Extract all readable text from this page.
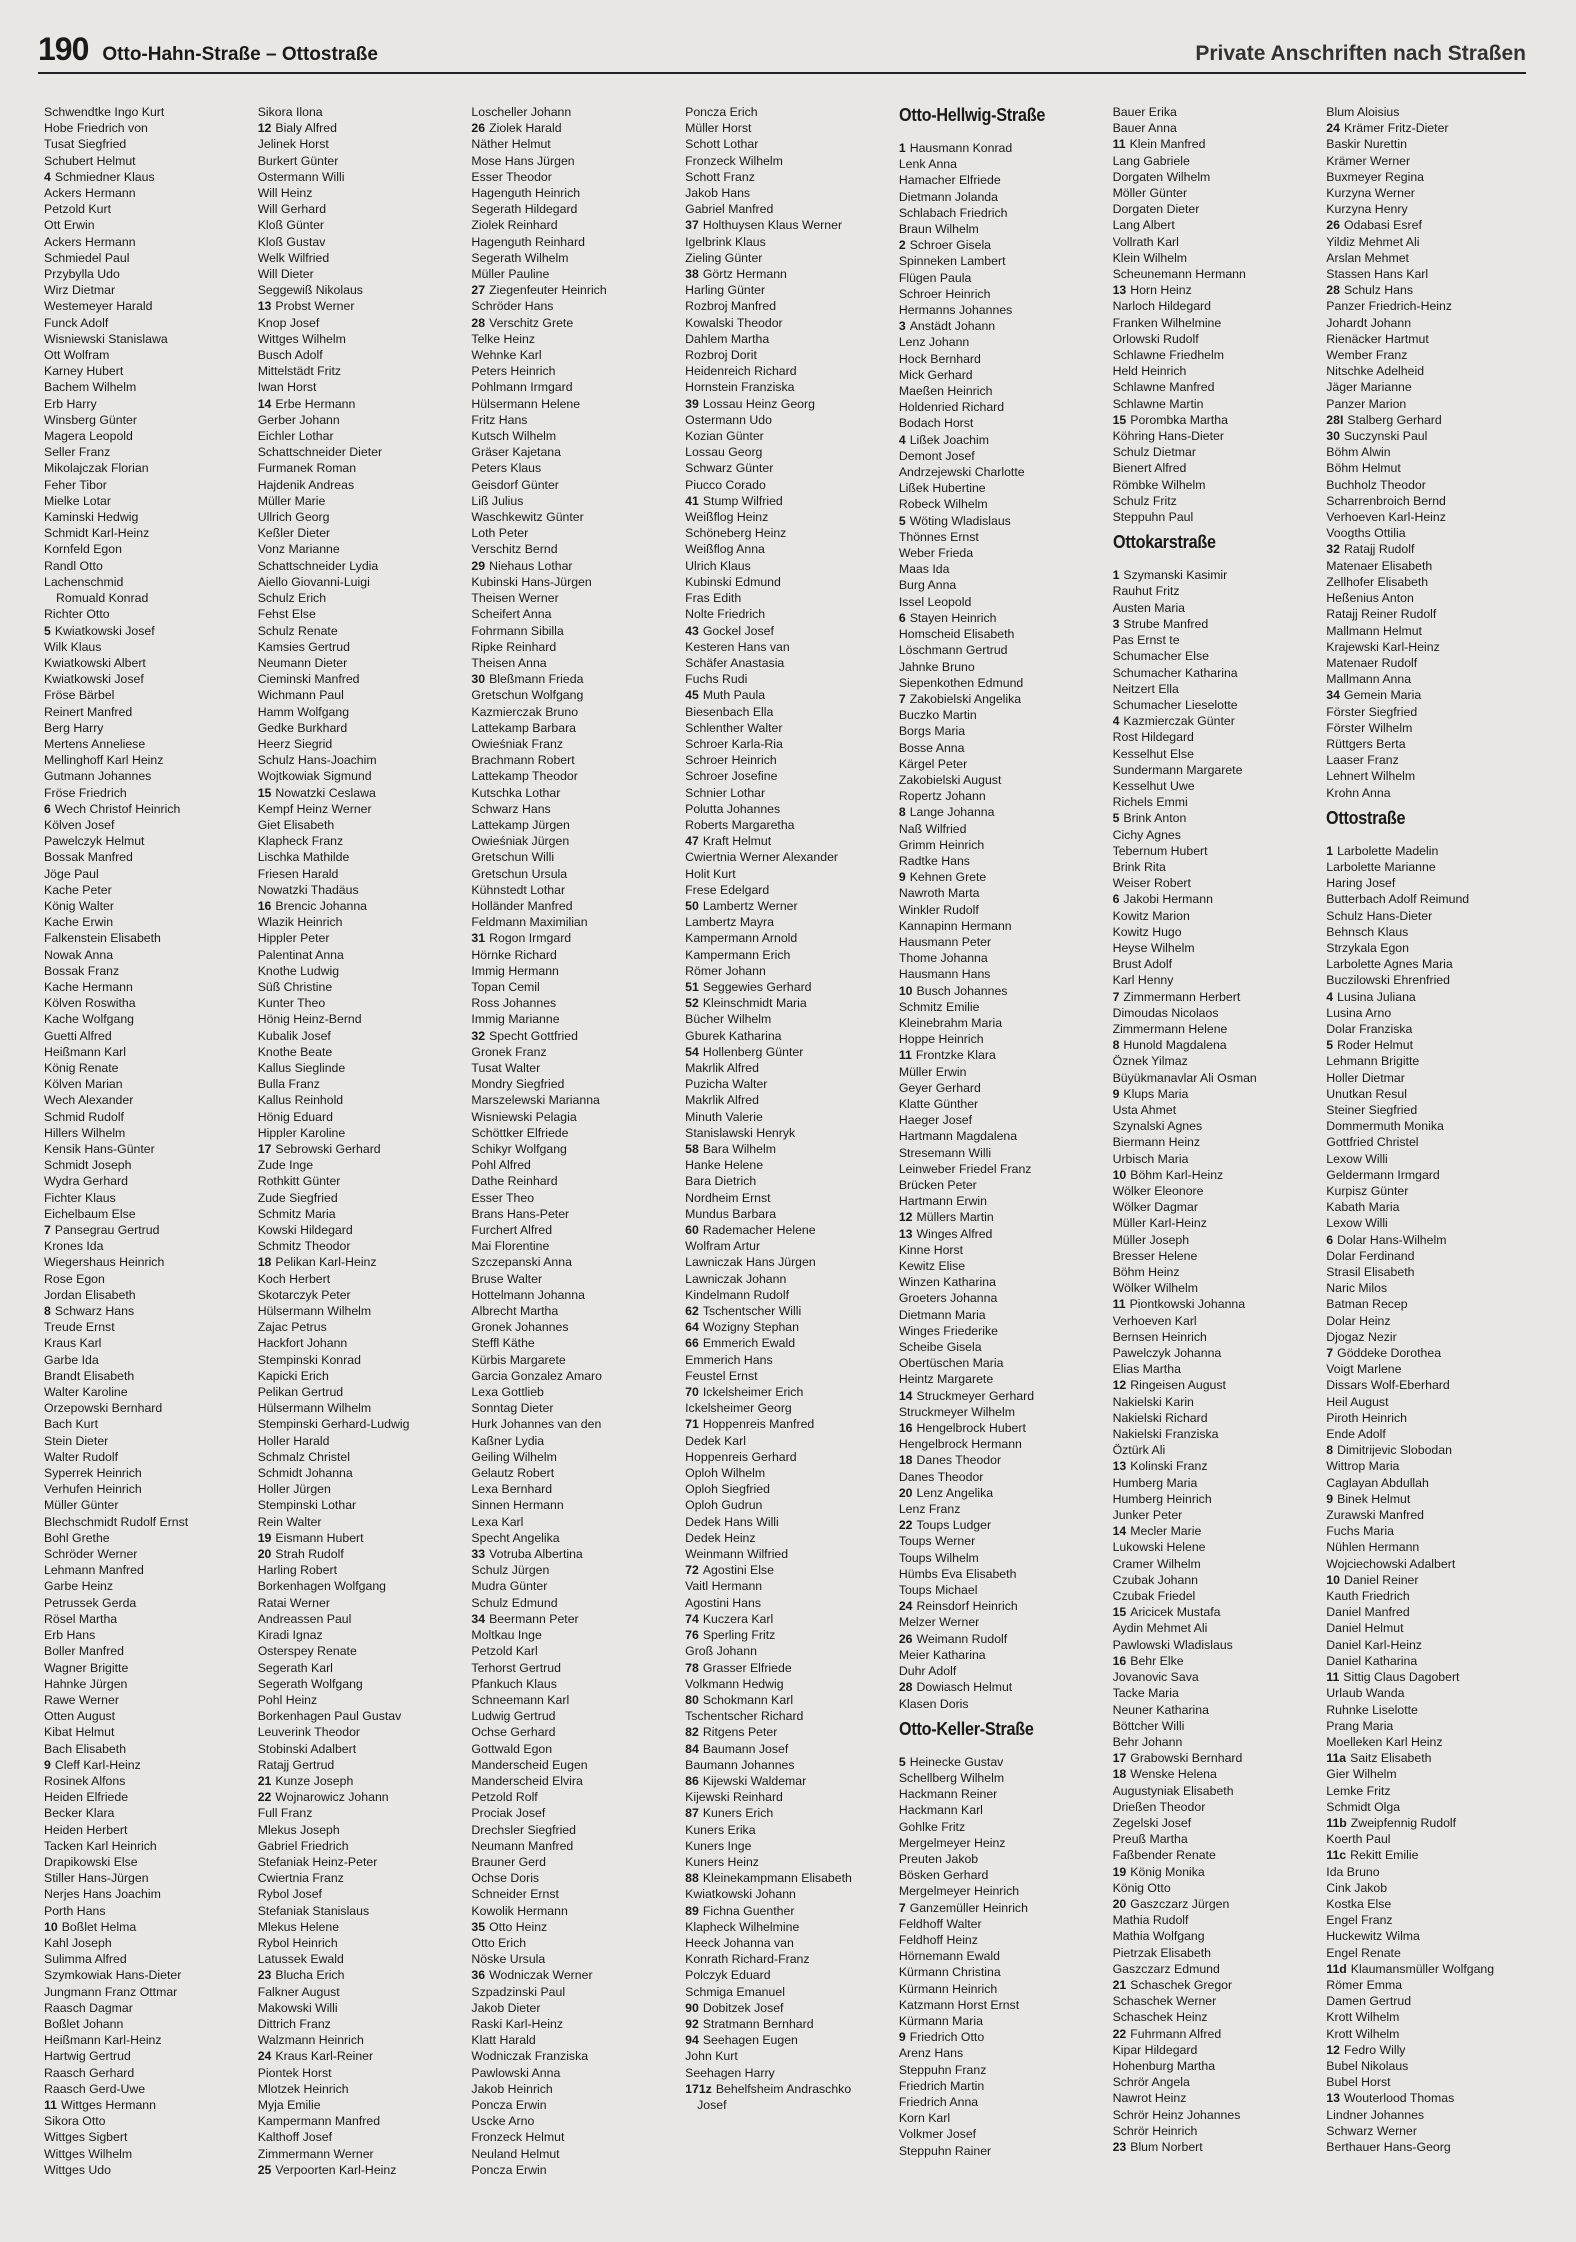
190 Otto-Hahn-Straße – Ottostraße	Private Anschriften nach Straßen
Schwendtke Ingo Kurt
Hobe Friedrich von
Tusat Siegfried
Schubert Helmut
4 Schmiedner Klaus
Ackers Hermann
Petzold Kurt
Ott Erwin
Ackers Hermann
Schmiedel Paul
Przybylla Udo
Wirz Dietmar
Westemeyer Harald
Funck Adolf
Wisniewski Stanislawa
Ott Wolfram
Karney Hubert
Bachem Wilhelm
Erb Harry
Winsberg Günter
Magera Leopold
Seller Franz
Mikolajczak Florian
Feher Tibor
Mielke Lotar
Kaminski Hedwig
Schmidt Karl-Heinz
Kornfeld Egon
Randl Otto
Lachenschmid
Romuald Konrad
Richter Otto
5 Kwiatkowski Josef
Wilk Klaus
Kwiatkowski Albert
Kwiatkowski Josef
Fröse Bärbel
Reinert Manfred
Berg Harry
Mertens Anneliese
Mellinghoff Karl Heinz
Gutmann Johannes
Fröse Friedrich
6 Wech Christof Heinrich
Kölven Josef
Pawelczyk Helmut
Bossak Manfred
Jöge Paul
Kache Peter
König Walter
Kache Erwin
Falkenstein Elisabeth
Nowak Anna
Bossak Franz
Kache Hermann
Kölven Roswitha
Kache Wolfgang
Guetti Alfred
Heißmann Karl
König Renate
Kölven Marian
Wech Alexander
Schmid Rudolf
Hillers Wilhelm
Kensik Hans-Günter
Schmidt Joseph
Wydra Gerhard
Fichter Klaus
Eichelbaum Else
7 Pansegrau Gertrud
Krones Ida
Wiegershaus Heinrich
Rose Egon
Jordan Elisabeth
8 Schwarz Hans
Treude Ernst
Kraus Karl
Garbe Ida
Brandt Elisabeth
Walter Karoline
Orzepowski Bernhard
Bach Kurt
Stein Dieter
Walter Rudolf
Syperrek Heinrich
Verhufen Heinrich
Müller Günter
Blechschmidt Rudolf Ernst
Bohl Grethe
Schröder Werner
Lehmann Manfred
Garbe Heinz
Petrussek Gerda
Rösel Martha
Erb Hans
Boller Manfred
Wagner Brigitte
Hahnke Jürgen
Rawe Werner
Otten August
Kibat Helmut
Bach Elisabeth
9 Cleff Karl-Heinz
Rosinek Alfons
Heiden Elfriede
Becker Klara
Heiden Herbert
Tacken Karl Heinrich
Drapikowski Else
Stiller Hans-Jürgen
Nerjes Hans Joachim
Porth Hans
10 Boßlet Helma
Kahl Joseph
Sulimma Alfred
Szymkowiak Hans-Dieter
Jungmann Franz Ottmar
Raasch Dagmar
Boßlet Johann
Heißmann Karl-Heinz
Hartwig Gertrud
Raasch Gerhard
Raasch Gerd-Uwe
11 Wittges Hermann
Sikora Otto
Wittges Sigbert
Wittges Wilhelm
Wittges Udo
Sikora Ilona
12 Bialy Alfred
Jelinek Horst
Burkert Günter
Ostermann Willi
Will Heinz
Will Gerhard
Kloß Günter
Kloß Gustav
Welk Wilfried
Will Dieter
Seggewiß Nikolaus
13 Probst Werner
Knop Josef
Wittges Wilhelm
Busch Adolf
Mittelstädt Fritz
Iwan Horst
14 Erbe Hermann
Gerber Johann
Eichler Lothar
Schattschneider Dieter
Furmanek Roman
Hajdenik Andreas
Müller Marie
Ullrich Georg
Keßler Dieter
Vonz Marianne
Schattschneider Lydia
Aiello Giovanni-Luigi
Schulz Erich
Fehst Else
Schulz Renate
Kamsies Gertrud
Neumann Dieter
Cieminski Manfred
Wichmann Paul
Hamm Wolfgang
Gedke Burkhard
Heerz Siegrid
Schulz Hans-Joachim
Wojtkowiak Sigmund
15 Nowatzki Ceslawa
Kempf Heinz Werner
Giet Elisabeth
Klapheck Franz
Lischka Mathilde
Friesen Harald
Nowatzki Thadäus
16 Brencic Johanna
Wlazik Heinrich
Hippler Peter
Palentinat Anna
Knothe Ludwig
Süß Christine
Kunter Theo
Hönig Heinz-Bernd
Kubalik Josef
Knothe Beate
Kallus Sieglinde
Bulla Franz
Kallus Reinhold
Hönig Eduard
Hippler Karoline
17 Sebrowski Gerhard
Zude Inge
Rothkitt Günter
Zude Siegfried
Schmitz Maria
Kowski Hildegard
Schmitz Theodor
18 Pelikan Karl-Heinz
Koch Herbert
Skotarczyk Peter
Hülsermann Wilhelm
Zajac Petrus
Hackfort Johann
Stempinski Konrad
Kapicki Erich
Pelikan Gertrud
Hülsermann Wilhelm
Stempinski Gerhard-Ludwig
Holler Harald
Schmalz Christel
Schmidt Johanna
Holler Jürgen
Stempinski Lothar
Rein Walter
19 Eismann Hubert
20 Strah Rudolf
Harling Robert
Borkenhagen Wolfgang
Ratai Werner
Andreassen Paul
Kiradi Ignaz
Osterspey Renate
Segerath Karl
Segerath Wolfgang
Pohl Heinz
Borkenhagen Paul Gustav
Leuverink Theodor
Stobinski Adalbert
Ratajj Gertrud
21 Kunze Joseph
22 Wojnarowicz Johann
Full Franz
Mlekus Joseph
Gabriel Friedrich
Stefaniak Heinz-Peter
Cwiertnia Franz
Rybol Josef
Stefaniak Stanislaus
Mlekus Helene
Rybol Heinrich
Latussek Ewald
23 Blucha Erich
Falkner August
Makowski Willi
Dittrich Franz
Walzmann Heinrich
24 Kraus Karl-Reiner
Piontek Horst
Mlotzek Heinrich
Myja Emilie
Kampermann Manfred
Kalthoff Josef
Zimmermann Werner
25 Verpoorten Karl-Heinz
Loscheller Johann
26 Ziolek Harald
Näther Helmut
Mose Hans Jürgen
Esser Theodor
Hagenguth Heinrich
Segerath Hildegard
Ziolek Reinhard
Hagenguth Reinhard
Segerath Wilhelm
Müller Pauline
27 Ziegenfeuter Heinrich
Schröder Hans
28 Verschitz Grete
Telke Heinz
Wehnke Karl
Peters Heinrich
Pohlmann Irmgard
Hülsermann Helene
Fritz Hans
Kutsch Wilhelm
Gräser Kajetana
Peters Klaus
Geisdorf Günter
Liß Julius
Waschkewitz Günter
Loth Peter
Verschitz Bernd
29 Niehaus Lothar
Kubinski Hans-Jürgen
Theisen Werner
Scheifert Anna
Fohrmann Sibilla
Ripke Reinhard
Theisen Anna
30 Bleßmann Frieda
Gretschun Wolfgang
Kazmierczak Bruno
Lattekamp Barbara
Owieśniak Franz
Brachmann Robert
Lattekamp Theodor
Kutschka Lothar
Schwarz Hans
Lattekamp Jürgen
Owieśniak Jürgen
Gretschun Willi
Gretschun Ursula
Kühnstedt Lothar
Holländer Manfred
Feldmann Maximilian
31 Rogon Irmgard
Hörnke Richard
Immig Hermann
Topan Cemil
Ross Johannes
Immig Marianne
32 Specht Gottfried
Gronek Franz
Tusat Walter
Mondry Siegfried
Marszelewski Marianna
Wisniewski Pelagia
Schöttker Elfriede
Schikyr Wolfgang
Pohl Alfred
Dathe Reinhard
Esser Theo
Brans Hans-Peter
Furchert Alfred
Mai Florentine
Szczepanski Anna
Bruse Walter
Hottelmann Johanna
Albrecht Martha
Gronek Johannes
Steffl Käthe
Kürbis Margarete
Garcia Gonzalez Amaro
Lexa Gottlieb
Sonntag Dieter
Hurk Johannes van den
Kaßner Lydia
Geiling Wilhelm
Gelautz Robert
Lexa Bernhard
Sinnen Hermann
Lexa Karl
Specht Angelika
33 Votruba Albertina
Schulz Jürgen
Mudra Günter
Schulz Edmund
34 Beermann Peter
Moltkau Inge
Petzold Karl
Terhorst Gertrud
Pfankuch Klaus
Schneemann Karl
Ludwig Gertrud
Ochse Gerhard
Gottwald Egon
Manderscheid Eugen
Manderscheid Elvira
Petzold Rolf
Prociak Josef
Drechsler Siegfried
Neumann Manfred
Brauner Gerd
Ochse Doris
Schneider Ernst
Kowolik Hermann
35 Otto Heinz
Otto Erich
Nöske Ursula
36 Wodniczak Werner
Szpadzinski Paul
Jakob Dieter
Raski Karl-Heinz
Klatt Harald
Wodniczak Franziska
Pawlowski Anna
Jakob Heinrich
Poncza Erwin
Uscke Arno
Fronzeck Helmut
Neuland Helmut
Poncza Erwin
Poncza Erich
Müller Horst
Schott Lothar
Fronzeck Wilhelm
Schott Franz
Jakob Hans
Gabriel Manfred
37 Holthuysen Klaus Werner
Igelbrink Klaus
Zieling Günter
38 Görtz Hermann
Harling Günter
Rozbroj Manfred
Kowalski Theodor
Dahlem Martha
Rozbroj Dorit
Heidenreich Richard
Hornstein Franziska
39 Lossau Heinz Georg
Ostermann Udo
Kozian Günter
Lossau Georg
Schwarz Günter
Piucco Corado
41 Stump Wilfried
Weißflog Heinz
Schöneberg Heinz
Weißflog Anna
Ulrich Klaus
Kubinski Edmund
Fras Edith
Nolte Friedrich
43 Gockel Josef
Kesteren Hans van
Schäfer Anastasia
Fuchs Rudi
45 Muth Paula
Biesenbach Ella
Schlenther Walter
Schroer Karla-Ria
Schroer Heinrich
Schroer Josefine
Schnier Lothar
Polutta Johannes
Roberts Margaretha
47 Kraft Helmut
Cwiertnia Werner Alexander
Holit Kurt
Frese Edelgard
50 Lambertz Werner
Lambertz Mayra
Kampermann Arnold
Kampermann Erich
Römer Johann
51 Seggewies Gerhard
52 Kleinschmidt Maria
Bücher Wilhelm
Gburek Katharina
54 Hollenberg Günter
Makrlik Alfred
Puzicha Walter
Makrlik Alfred
Minuth Valerie
Stanislawski Henryk
58 Bara Wilhelm
Hanke Helene
Bara Dietrich
Nordheim Ernst
Mundus Barbara
60 Rademacher Helene
Wolfram Artur
Lawniczak Hans Jürgen
Lawniczak Johann
Kindelmann Rudolf
62 Tschentscher Willi
64 Wozigny Stephan
66 Emmerich Ewald
Emmerich Hans
Feustel Ernst
70 Ickelsheimer Erich
Ickelsheimer Georg
71 Hoppenreis Manfred
Dedek Karl
Hoppenreis Gerhard
Oploh Wilhelm
Oploh Siegfried
Oploh Gudrun
Dedek Hans Willi
Dedek Heinz
Weinmann Wilfried
72 Agostini Else
Vaitl Hermann
Agostini Hans
74 Kuczera Karl
76 Sperling Fritz
Groß Johann
78 Grasser Elfriede
Volkmann Hedwig
80 Schokmann Karl
Tschentscher Richard
82 Ritgens Peter
84 Baumann Josef
Baumann Johannes
86 Kijewski Waldemar
Kijewski Reinhard
87 Kuners Erich
Kuners Erika
Kuners Inge
Kuners Heinz
88 Kleinekampmann Elisabeth
Kwiatkowski Johann
89 Fichna Guenther
Klapheck Wilhelmine
Heeck Johanna van
Konrath Richard-Franz
Polczyk Eduard
Schmiga Emanuel
90 Dobitzek Josef
92 Stratmann Bernhard
94 Seehagen Eugen
John Kurt
Seehagen Harry
171z Behelfsheim Andraschko
Josef
Otto-Hellwig-Straße
1 Hausmann Konrad
Lenk Anna
Hamacher Elfriede
Dietmann Jolanda
Schlabach Friedrich
Braun Wilhelm
2 Schroer Gisela
Spinneken Lambert
Flügen Paula
Schroer Heinrich
Hermanns Johannes
3 Anstädt Johann
Lenz Johann
Hock Bernhard
Mick Gerhard
Maeßen Heinrich
Holdenried Richard
Bodach Horst
4 Lißek Joachim
Demont Josef
Andrzejewski Charlotte
Lißek Hubertine
Robeck Wilhelm
5 Wöting Wladislaus
Thönnes Ernst
Weber Frieda
Maas Ida
Burg Anna
Issel Leopold
6 Stayen Heinrich
Homscheid Elisabeth
Löschmann Gertrud
Jahnke Bruno
Siepenkothen Edmund
7 Zakobielski Angelika
Buczko Martin
Borgs Maria
Bosse Anna
Kärgel Peter
Zakobielski August
Ropertz Johann
8 Lange Johanna
Naß Wilfried
Grimm Heinrich
Radtke Hans
9 Kehnen Grete
Nawroth Marta
Winkler Rudolf
Kannapinn Hermann
Hausmann Peter
Thome Johanna
Hausmann Hans
10 Busch Johannes
Schmitz Emilie
Kleinebrahm Maria
Hoppe Heinrich
11 Frontzke Klara
Müller Erwin
Geyer Gerhard
Klatte Günther
Haeger Josef
Hartmann Magdalena
Stresemann Willi
Leinweber Friedel Franz
Brücken Peter
Hartmann Erwin
12 Müllers Martin
13 Winges Alfred
Kinne Horst
Kewitz Elise
Winzen Katharina
Groeters Johanna
Dietmann Maria
Winges Friederike
Scheibe Gisela
Obertüschen Maria
Heintz Margarete
14 Struckmeyer Gerhard
Struckmeyer Wilhelm
16 Hengelbrock Hubert
Hengelbrock Hermann
18 Danes Theodor
Danes Theodor
20 Lenz Angelika
Lenz Franz
22 Toups Ludger
Toups Werner
Toups Wilhelm
Hümbs Eva Elisabeth
Toups Michael
24 Reinsdorf Heinrich
Melzer Werner
26 Weimann Rudolf
Meier Katharina
Duhr Adolf
28 Dowiasch Helmut
Klasen Doris
Otto-Keller-Straße
5 Heinecke Gustav
Schellberg Wilhelm
Hackmann Reiner
Hackmann Karl
Gohlke Fritz
Mergelmeyer Heinz
Preuten Jakob
Bösken Gerhard
Mergelmeyer Heinrich
7 Ganzemüller Heinrich
Feldhoff Walter
Feldhoff Heinz
Hörnemann Ewald
Kürmann Christina
Kürmann Heinrich
Katzmann Horst Ernst
Kürmann Maria
9 Friedrich Otto
Arenz Hans
Steppuhn Franz
Friedrich Martin
Friedrich Anna
Korn Karl
Volkmer Josef
Steppuhn Rainer
Bauer Erika
Bauer Anna
11 Klein Manfred
Lang Gabriele
Dorgaten Wilhelm
Möller Günter
Dorgaten Dieter
Lang Albert
Vollrath Karl
Klein Wilhelm
Scheunemann Hermann
13 Horn Heinz
Narloch Hildegard
Franken Wilhelmine
Orlowski Rudolf
Schlawne Friedhelm
Held Heinrich
Schlawne Manfred
Schlawne Martin
15 Porombka Martha
Köhring Hans-Dieter
Schulz Dietmar
Bienert Alfred
Römbke Wilhelm
Schulz Fritz
Steppuhn Paul
Ottokarstraße
1 Szymanski Kasimir
Rauhut Fritz
Austen Maria
3 Strube Manfred
Pas Ernst te
Schumacher Else
Schumacher Katharina
Neitzert Ella
Schumacher Lieselotte
4 Kazmierczak Günter
Rost Hildegard
Kesselhut Else
Sundermann Margarete
Kesselhut Uwe
Richels Emmi
5 Brink Anton
Cichy Agnes
Tebernum Hubert
Brink Rita
Weiser Robert
6 Jakobi Hermann
Kowitz Marion
Kowitz Hugo
Heyse Wilhelm
Brust Adolf
Karl Henny
7 Zimmermann Herbert
Dimoudas Nicolaos
Zimmermann Helene
8 Hunold Magdalena
Öznek Yilmaz
Büyükmanavlar Ali Osman
9 Klups Maria
Usta Ahmet
Szynalski Agnes
Biermann Heinz
Urbisch Maria
10 Böhm Karl-Heinz
Wölker Eleonore
Wölker Dagmar
Müller Karl-Heinz
Müller Joseph
Bresser Helene
Böhm Heinz
Wölker Wilhelm
11 Piontkowski Johanna
Verhoeven Karl
Bernsen Heinrich
Pawelczyk Johanna
Elias Martha
12 Ringeisen August
Nakielski Karin
Nakielski Richard
Nakielski Franziska
Öztürk Ali
13 Kolinski Franz
Humberg Maria
Humberg Heinrich
Junker Peter
14 Mecler Marie
Lukowski Helene
Cramer Wilhelm
Czubak Johann
Czubak Friedel
15 Aricicek Mustafa
Aydin Mehmet Ali
Pawlowski Wladislaus
16 Behr Elke
Jovanovic Sava
Tacke Maria
Neuner Katharina
Böttcher Willi
Behr Johann
17 Grabowski Bernhard
18 Wenske Helena
Augustyniak Elisabeth
Drießen Theodor
Zegelski Josef
Preuß Martha
Faßbender Renate
19 König Monika
König Otto
20 Gaszczarz Jürgen
Mathia Rudolf
Mathia Wolfgang
Pietrzak Elisabeth
Gaszczarz Edmund
21 Schaschek Gregor
Schaschek Werner
Schaschek Heinz
22 Fuhrmann Alfred
Kipar Hildegard
Hohenburg Martha
Schrör Angela
Nawrot Heinz
Schrör Heinz Johannes
Schrör Heinrich
23 Blum Norbert
Blum Aloisius
24 Krämer Fritz-Dieter
Baskir Nurettin
Krämer Werner
Buxmeyer Regina
Kurzyna Werner
Kurzyna Henry
26 Odabasi Esref
Yildiz Mehmet Ali
Arslan Mehmet
Stassen Hans Karl
28 Schulz Hans
Panzer Friedrich-Heinz
Johardt Johann
Rienäcker Hartmut
Wember Franz
Nitschke Adelheid
Jäger Marianne
Panzer Marion
28I Stalberg Gerhard
30 Suczynski Paul
Böhm Alwin
Böhm Helmut
Buchholz Theodor
Scharrenbroich Bernd
Verhoeven Karl-Heinz
Voogths Ottilia
32 Ratajj Rudolf
Matenaer Elisabeth
Zellhofer Elisabeth
Heßenius Anton
Ratajj Reiner Rudolf
Mallmann Helmut
Krajewski Karl-Heinz
Matenaer Rudolf
Mallmann Anna
34 Gemein Maria
Förster Siegfried
Förster Wilhelm
Rüttgers Berta
Laaser Franz
Lehnert Wilhelm
Krohn Anna
Ottostraße
1 Larbolette Madelin
Larbolette Marianne
Haring Josef
Butterbach Adolf Reimund
Schulz Hans-Dieter
Behnsch Klaus
Strzykala Egon
Larbolette Agnes Maria
Buczilowski Ehrenfried
4 Lusina Juliana
Lusina Arno
Dolar Franziska
5 Roder Helmut
Lehmann Brigitte
Holler Dietmar
Unutkan Resul
Steiner Siegfried
Dommermuth Monika
Gottfried Christel
Lexow Willi
Geldermann Irmgard
Kurpisz Günter
Kabath Maria
Lexow Willi
6 Dolar Hans-Wilhelm
Dolar Ferdinand
Strasil Elisabeth
Naric Milos
Batman Recep
Dolar Heinz
Djogaz Nezir
7 Göddeke Dorothea
Voigt Marlene
Dissars Wolf-Eberhard
Heil August
Piroth Heinrich
Ende Adolf
8 Dimitrijevic Slobodan
Wittrop Maria
Caglayan Abdullah
9 Binek Helmut
Zurawski Manfred
Fuchs Maria
Nühlen Hermann
Wojciechowski Adalbert
10 Daniel Reiner
Kauth Friedrich
Daniel Manfred
Daniel Helmut
Daniel Karl-Heinz
Daniel Katharina
11 Sittig Claus Dagobert
Urlaub Wanda
Ruhnke Liselotte
Prang Maria
Moelleken Karl Heinz
11a Saitz Elisabeth
Gier Wilhelm
Lemke Fritz
Schmidt Olga
11b Zweipfennig Rudolf
Koerth Paul
11c Rekitt Emilie
Ida Bruno
Cink Jakob
Kostka Else
Engel Franz
Huckewitz Wilma
Engel Renate
11d Klaumansmüller Wolfgang
Römer Emma
Damen Gertrud
Krott Wilhelm
Krott Wilhelm
12 Fedro Willy
Bubel Nikolaus
Bubel Horst
13 Wouterlood Thomas
Lindner Johannes
Schwarz Werner
Berthauer Hans-Georg
